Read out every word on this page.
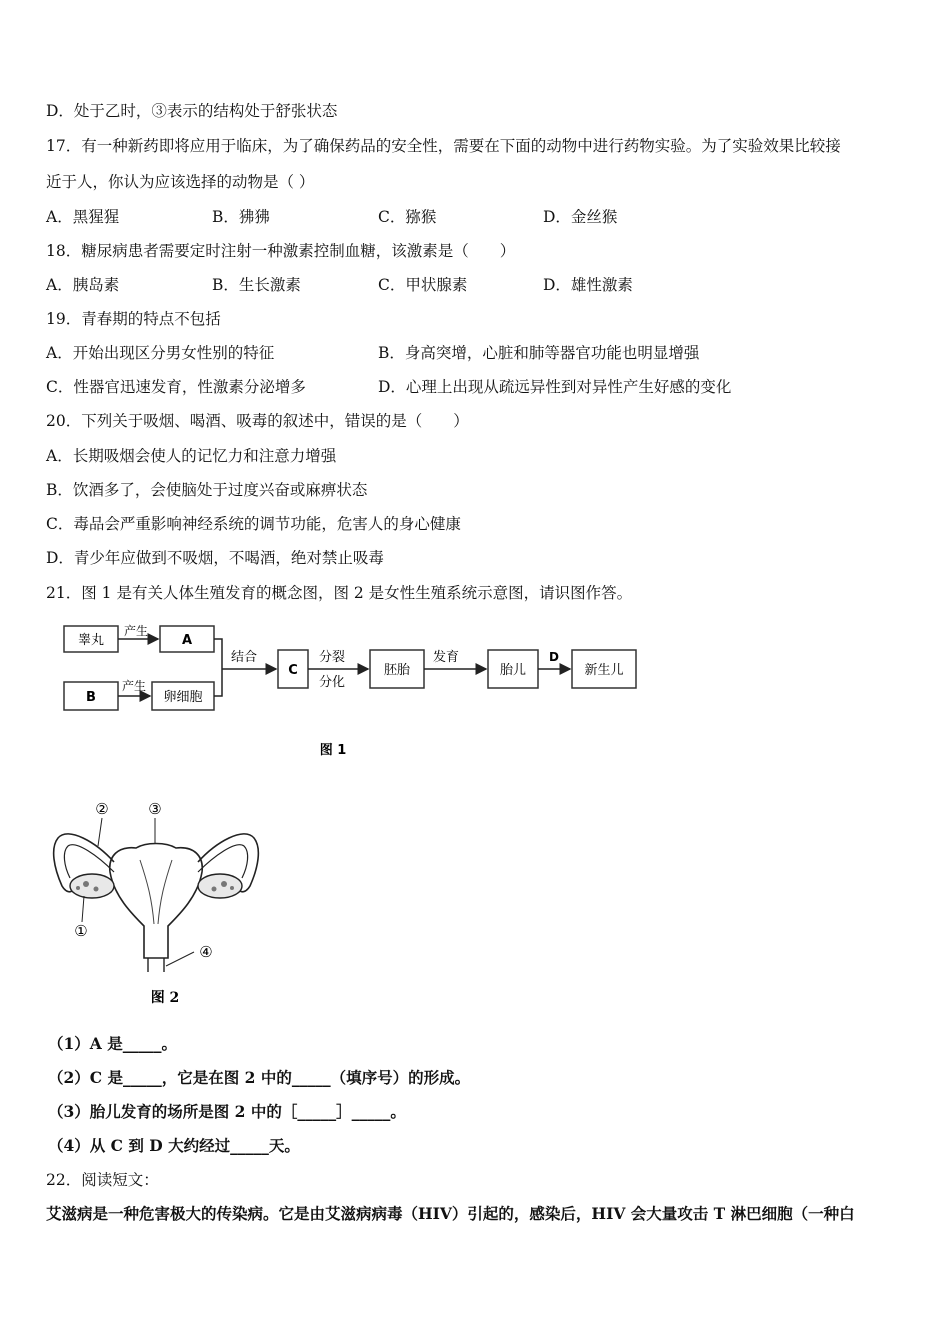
D．处于乙时，③表示的结构处于舒张状态
17．有一种新药即将应用于临床，为了确保药品的安全性，需要在下面的动物中进行药物实验。为了实验效果比较接
近于人，你认为应该选择的动物是（ ）
A．黑猩猩	B．狒狒	C．猕猴	D．金丝猴
18．糖尿病患者需要定时注射一种激素控制血糖，该激素是（　　）
A．胰岛素	B．生长激素	C．甲状腺素	D．雄性激素
19．青春期的特点不包括
A．开始出现区分男女性别的特征	B．身高突增，心脏和肺等器官功能也明显增强
C．性器官迅速发育，性激素分泌增多	D．心理上出现从疏远异性到对异性产生好感的变化
20．下列关于吸烟、喝酒、吸毒的叙述中，错误的是（　　）
A．长期吸烟会使人的记忆力和注意力增强
B．饮酒多了，会使脑处于过度兴奋或麻痹状态
C．毒品会严重影响神经系统的调节功能，危害人的身心健康
D．青少年应做到不吸烟，不喝酒，绝对禁止吸毒
21．图 1 是有关人体生殖发育的概念图，图 2 是女性生殖系统示意图，请识图作答。
睾丸	A
B	卵细胞
C	胚胎	胎儿	新生儿
产生
产生
结合	分裂
分化
发育	D
图 1
②	③
①
④
图 2
（1）A 是_____。
（2）C 是_____，它是在图 2 中的_____（填序号）的形成。
（3）胎儿发育的场所是图 2 中的［_____］_____。
（4）从 C 到 D 大约经过_____天。
22．阅读短文：
艾滋病是一种危害极大的传染病。它是由艾滋病病毒（HIV）引起的，感染后，HIV 会大量攻击 T 淋巴细胞（一种白
